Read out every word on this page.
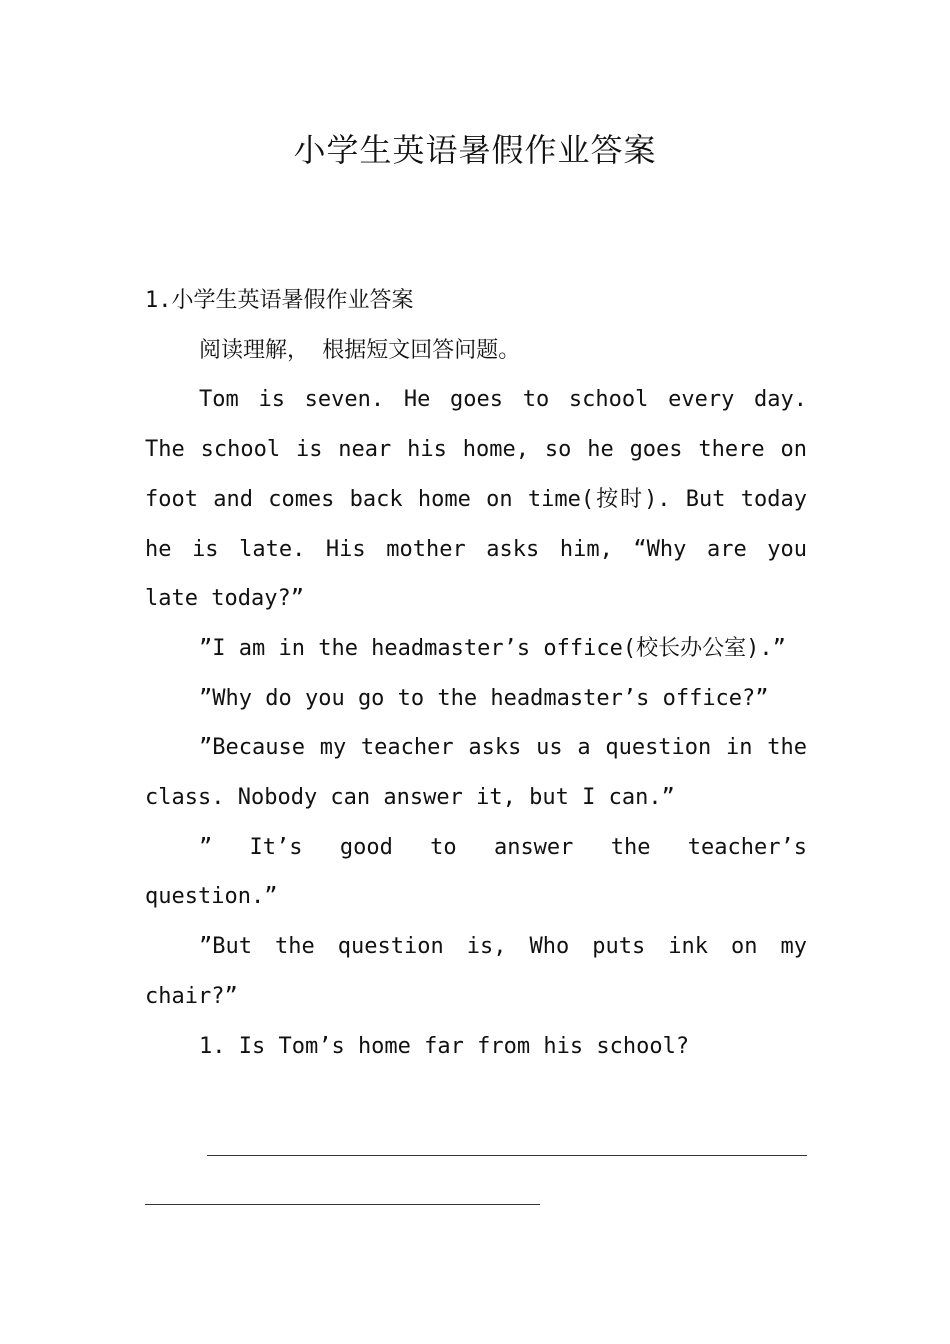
小学生英语暑假作业答案

1.小学生英语暑假作业答案

阅读理解， 根据短文回答问题。

Tom is seven. He goes to school every day. The school is near his home, so he goes there on foot and comes back home on time(按时). But today he is late. His mother asks him, “Why are you late today?”

”I am in the headmaster’s office(校长办公室).”

”Why do you go to the headmaster’s office?”

”Because my teacher asks us a question in the class. Nobody can answer it, but I can.”

” It’s good to answer the teacher’s question.”

”But the question is, Who puts ink on my chair?”

1. Is Tom’s home far from his school?
